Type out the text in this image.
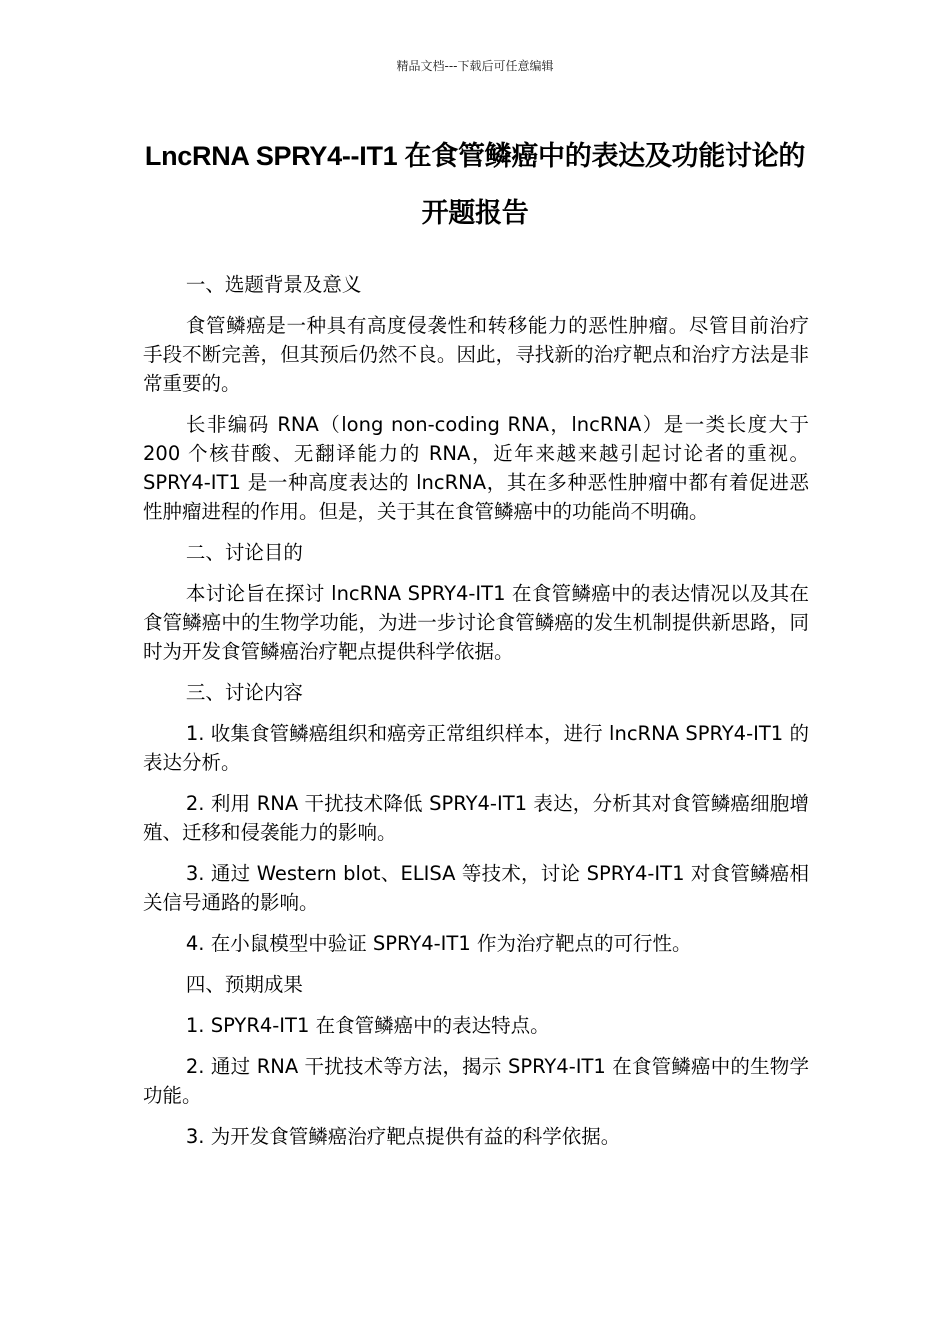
精品文档---下载后可任意编辑
LncRNA SPRY4--IT1 在食管鳞癌中的表达及功能讨论的开题报告

一、选题背景及意义

食管鳞癌是一种具有高度侵袭性和转移能力的恶性肿瘤。尽管目前治疗手段不断完善，但其预后仍然不良。因此，寻找新的治疗靶点和治疗方法是非常重要的。

长非编码 RNA（long non-coding RNA，lncRNA）是一类长度大于 200 个核苷酸、无翻译能力的 RNA，近年来越来越引起讨论者的重视。SPRY4-IT1 是一种高度表达的 lncRNA，其在多种恶性肿瘤中都有着促进恶性肿瘤进程的作用。但是，关于其在食管鳞癌中的功能尚不明确。

二、讨论目的

本讨论旨在探讨 lncRNA SPRY4-IT1 在食管鳞癌中的表达情况以及其在食管鳞癌中的生物学功能，为进一步讨论食管鳞癌的发生机制提供新思路，同时为开发食管鳞癌治疗靶点提供科学依据。

三、讨论内容

1. 收集食管鳞癌组织和癌旁正常组织样本，进行 lncRNA SPRY4-IT1 的表达分析。

2. 利用 RNA 干扰技术降低 SPRY4-IT1 表达，分析其对食管鳞癌细胞增殖、迁移和侵袭能力的影响。

3. 通过 Western blot、ELISA 等技术，讨论 SPRY4-IT1 对食管鳞癌相关信号通路的影响。

4. 在小鼠模型中验证 SPRY4-IT1 作为治疗靶点的可行性。

四、预期成果

1. SPYR4-IT1 在食管鳞癌中的表达特点。

2. 通过 RNA 干扰技术等方法，揭示 SPRY4-IT1 在食管鳞癌中的生物学功能。

3. 为开发食管鳞癌治疗靶点提供有益的科学依据。
